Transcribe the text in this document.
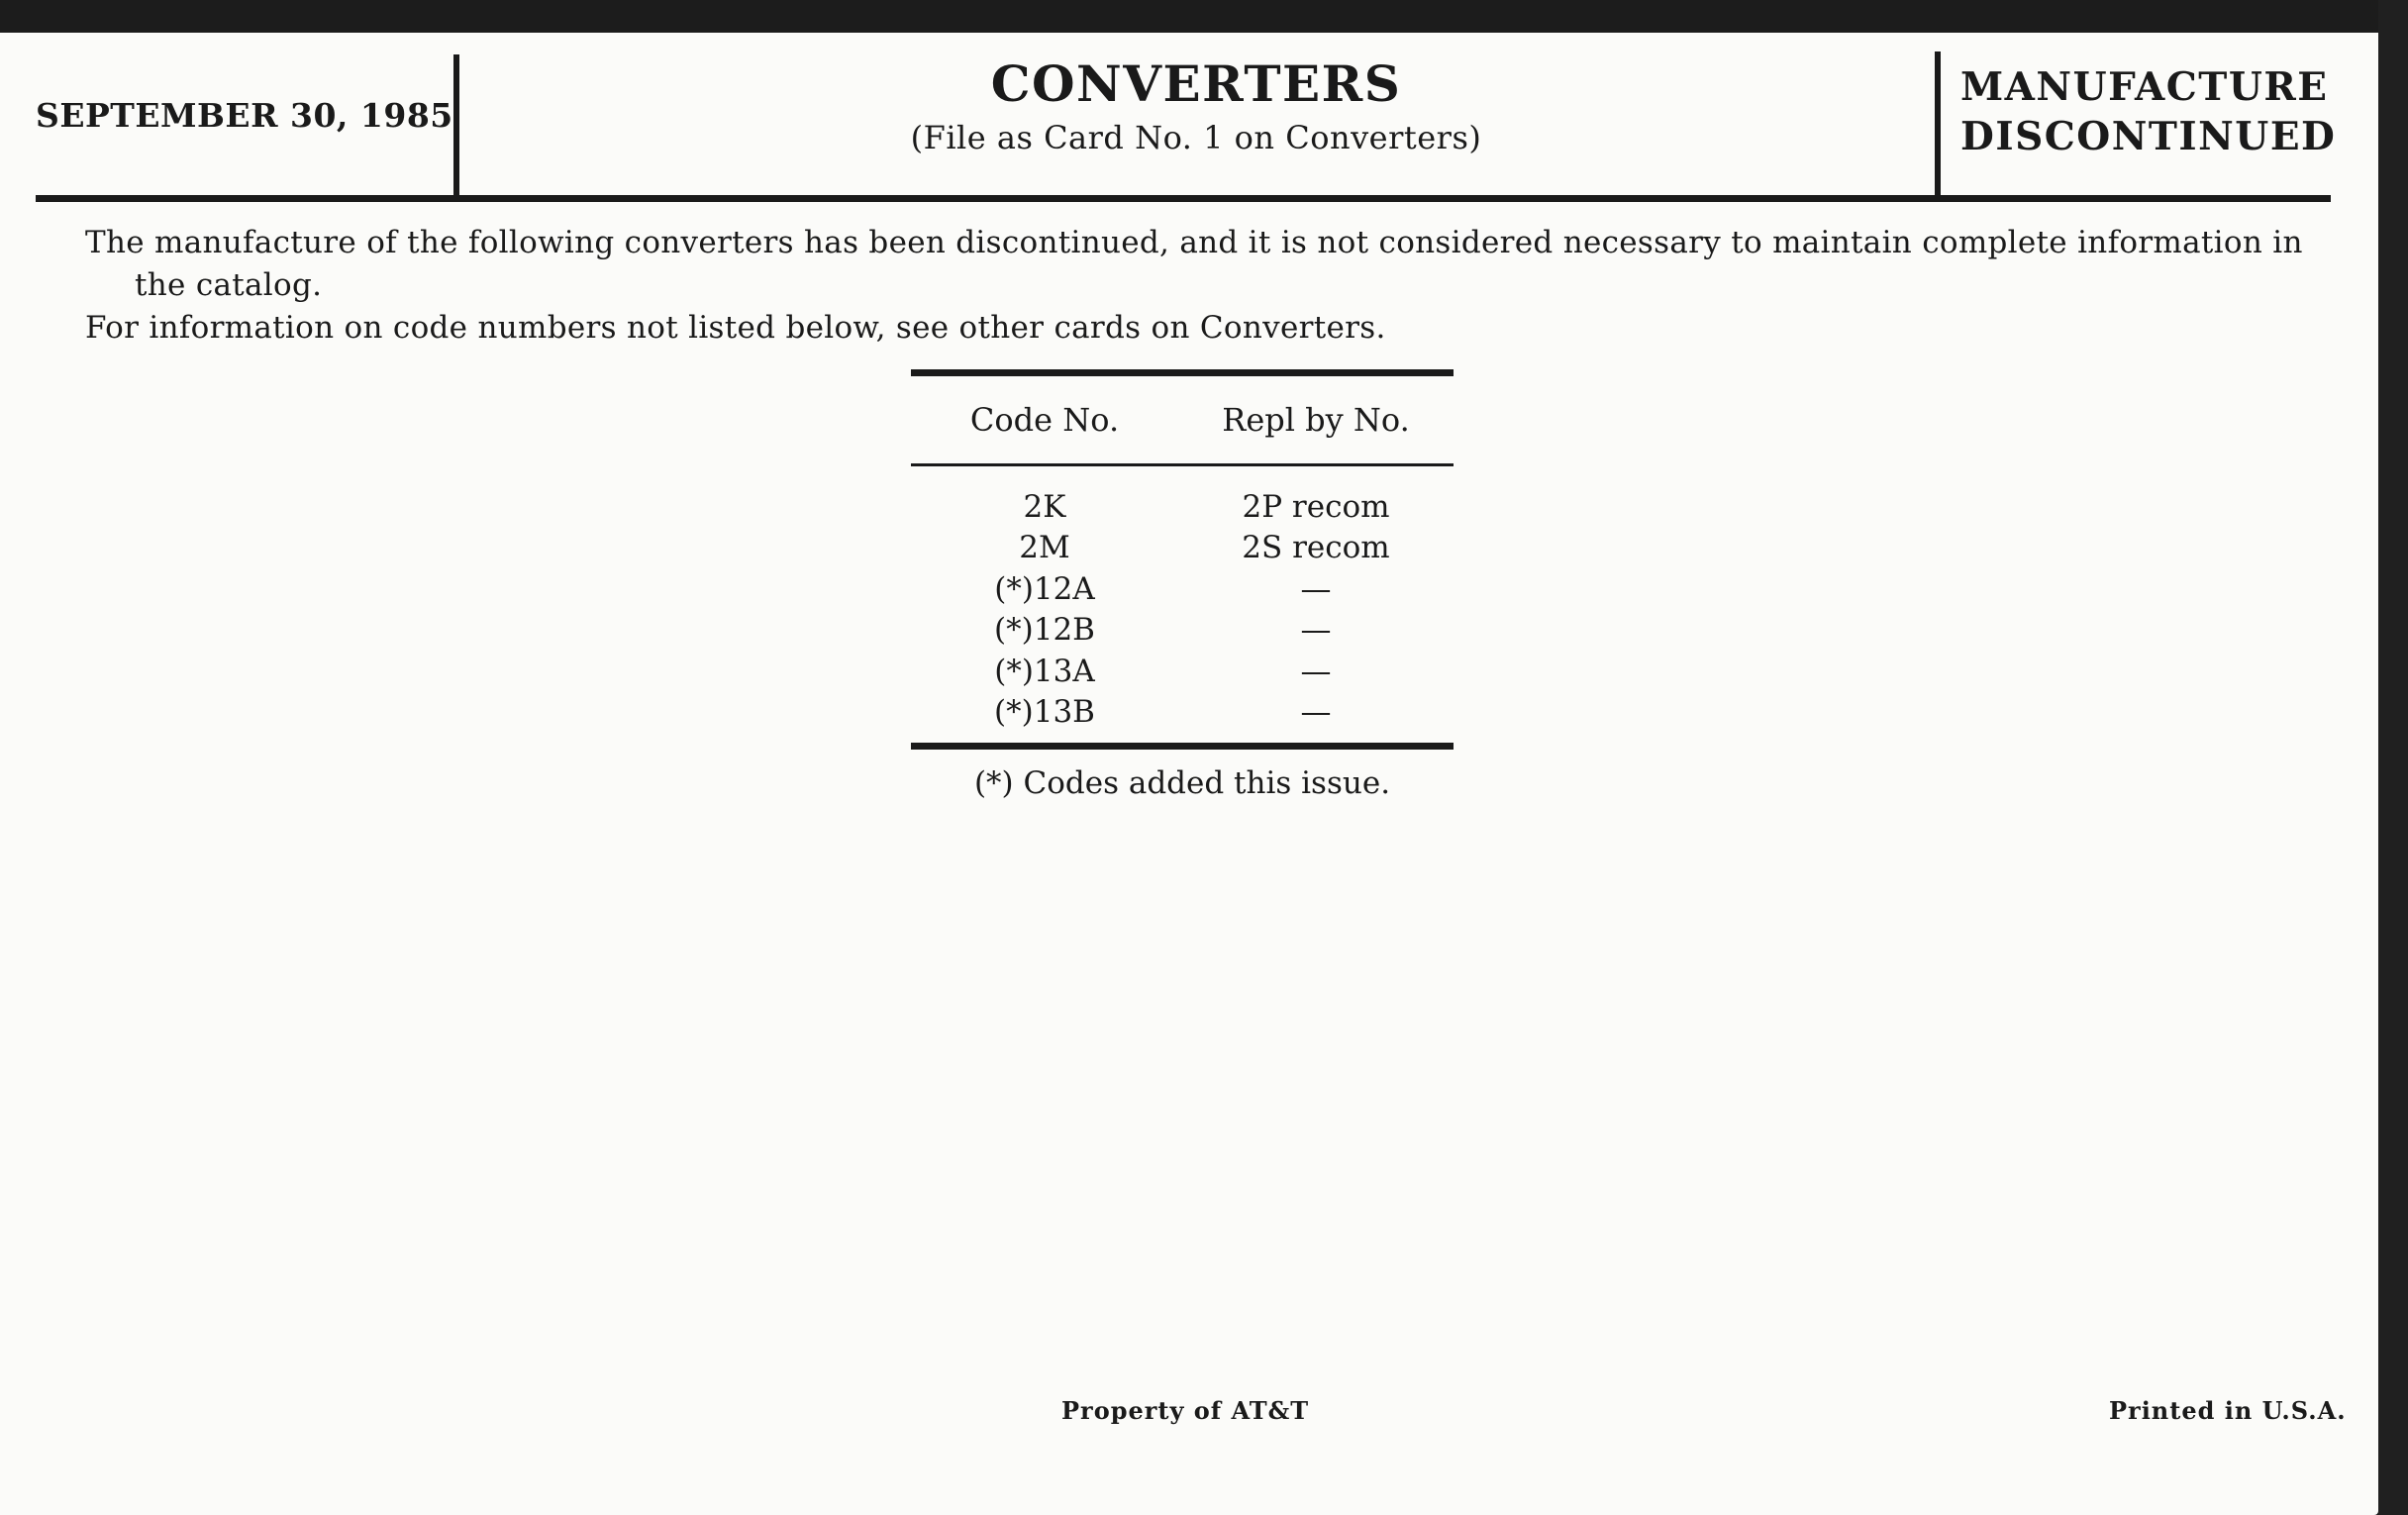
SEPTEMBER 30, 1985
CONVERTERS
(File as Card No. 1 on Converters)
MANUFACTURE
DISCONTINUED

The manufacture of the following converters has been discontinued, and it is not considered necessary to maintain complete information in the catalog.

For information on code numbers not listed below, see other cards on Converters.

Code No.	Repl by No.
2K	2P recom
2M	2S recom
(*)12A	—
(*)12B	—
(*)13A	—
(*)13B	—
(*) Codes added this issue.
Property of AT&T	Printed in U.S.A.
